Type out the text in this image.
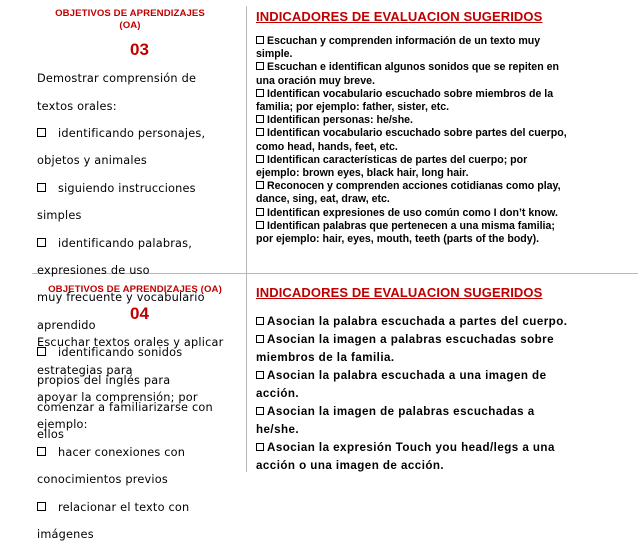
OBJETIVOS DE APRENDIZAJES (OA)

03

Demostrar comprensión de

textos orales:

identificando personajes,

objetos y animales

siguiendo instrucciones

simples

identificando palabras,

expresiones de uso

muy frecuente y vocabulario

aprendido

identificando sonidos

propios del inglés para

comenzar a familiarizarse con

ellos

INDICADORES DE EVALUACION SUGERIDOS

Escuchan y comprenden información de un texto muy

simple.

Escuchan e identifican algunos sonidos que se repiten en

una oración muy breve.

Identifican vocabulario escuchado sobre miembros de la

familia; por ejemplo: father, sister, etc.

Identifican personas: he/she.

Identifican vocabulario escuchado sobre partes del cuerpo,

como head, hands, feet, etc.

Identifican características de partes del cuerpo; por

ejemplo: brown eyes, black hair, long hair.

Reconocen y comprenden acciones cotidianas como play,

dance, sing, eat, draw, etc.

Identifican expresiones de uso común como I don’t know.

Identifican palabras que pertenecen a una misma familia;

por ejemplo: hair, eyes, mouth, teeth (parts of the body).

OBJETIVOS DE APRENDIZAJES (OA)

04

Escuchar textos orales y aplicar

estrategias para

apoyar la comprensión; por

ejemplo:

hacer conexiones con

conocimientos previos

relacionar el texto con

imágenes

INDICADORES DE EVALUACION SUGERIDOS

Asocian la palabra escuchada a partes del cuerpo.

Asocian la imagen a palabras escuchadas sobre

miembros de la familia.

Asocian la palabra escuchada a una imagen de

acción.

Asocian la imagen de palabras escuchadas a

he/she.

Asocian la expresión Touch you head/legs a una

acción o una imagen de acción.
